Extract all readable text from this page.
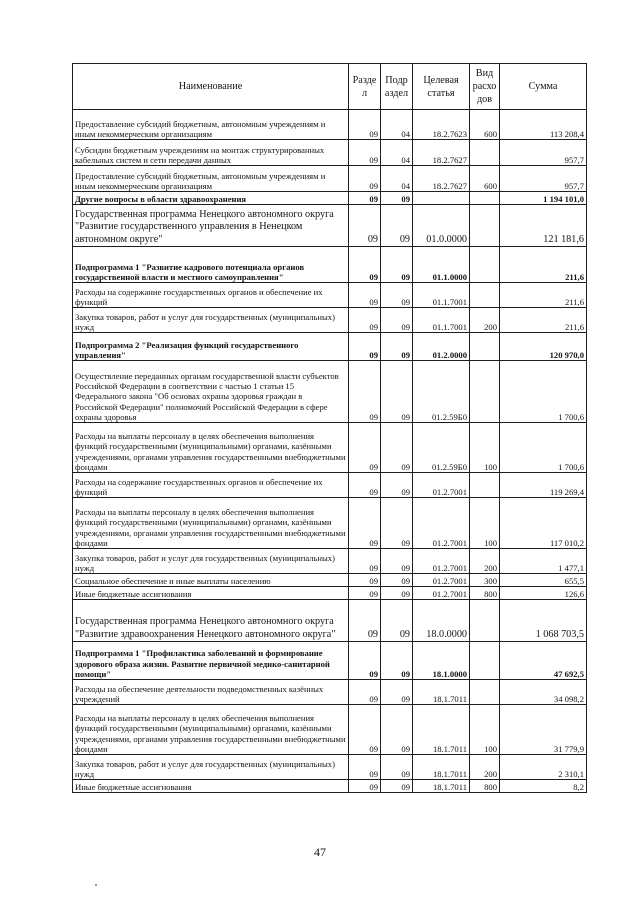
Наименование	Разде л	Подр аздел	Целевая статья	Вид расхо дов	Сумма
Предоставление субсидий бюджетным, автономным учреждениям и иным некоммерческим организациям	09	04	18.2.7623	600	113 208,4
Субсидии бюджетным учреждениям на монтаж структурированных кабельных систем и сети передачи данных	09	04	18.2.7627		957,7
Предоставление субсидий бюджетным, автономным учреждениям и иным некоммерческим организациям	09	04	18.2.7627	600	957,7
Другие вопросы в области здравоохранения	09	09			1 194 101,0
Государственная программа Ненецкого автономного округа "Развитие государственного управления в Ненецком автономном округе"	09	09	01.0.0000		121 181,6
Подпрограмма 1 "Развитие кадрового потенциала органов государственной власти и местного самоуправления"	09	09	01.1.0000		211,6
Расходы на содержание государственных органов и обеспечение их функций	09	09	01.1.7001		211,6
Закупка товаров, работ и услуг для государственных (муниципальных) нужд	09	09	01.1.7001	200	211,6
Подпрограмма 2 "Реализация функций государственного управления"	09	09	01.2.0000		120 970,0
Осуществление переданных органам государственной власти субъектов Российской Федерации в соответствии с частью 1 статьи 15 Федерального закона "Об основах охраны здоровья граждан в Российской Федерации" полномочий Российской Федерации в сфере охраны здоровья	09	09	01.2.59Б0		1 700,6
Расходы на выплаты персоналу в целях обеспечения выполнения функций государственными (муниципальными) органами, казёнными учреждениями, органами управления государственными внебюджетными фондами	09	09	01.2.59Б0	100	1 700,6
Расходы на содержание государственных органов и обеспечение их функций	09	09	01.2.7001		119 269,4
Расходы на выплаты персоналу в целях обеспечения выполнения функций государственными (муниципальными) органами, казёнными учреждениями, органами управления государственными внебюджетными фондами	09	09	01.2.7001	100	117 010,2
Закупка товаров, работ и услуг для государственных (муниципальных) нужд	09	09	01.2.7001	200	1 477,1
Социальное обеспечение и иные выплаты населению	09	09	01.2.7001	300	655,5
Иные бюджетные ассигнования	09	09	01.2.7001	800	126,6
Государственная программа Ненецкого автономного округа "Развитие здравоохранения Ненецкого автономного округа"	09	09	18.0.0000		1 068 703,5
Подпрограмма 1 "Профилактика заболеваний и формирование здорового образа жизни. Развитие первичной медико-санитарной помощи"	09	09	18.1.0000		47 692,5
Расходы на обеспечение деятельности подведомственных казённых учреждений	09	09	18.1.7011		34 098,2
Расходы на выплаты персоналу в целях обеспечения выполнения функций государственными (муниципальными) органами, казёнными учреждениями, органами управления государственными внебюджетными фондами	09	09	18.1.7011	100	31 779,9
Закупка товаров, работ и услуг для государственных (муниципальных) нужд	09	09	18.1.7011	200	2 310,1
Иные бюджетные ассигнования	09	09	18.1.7011	800	8,2
47
